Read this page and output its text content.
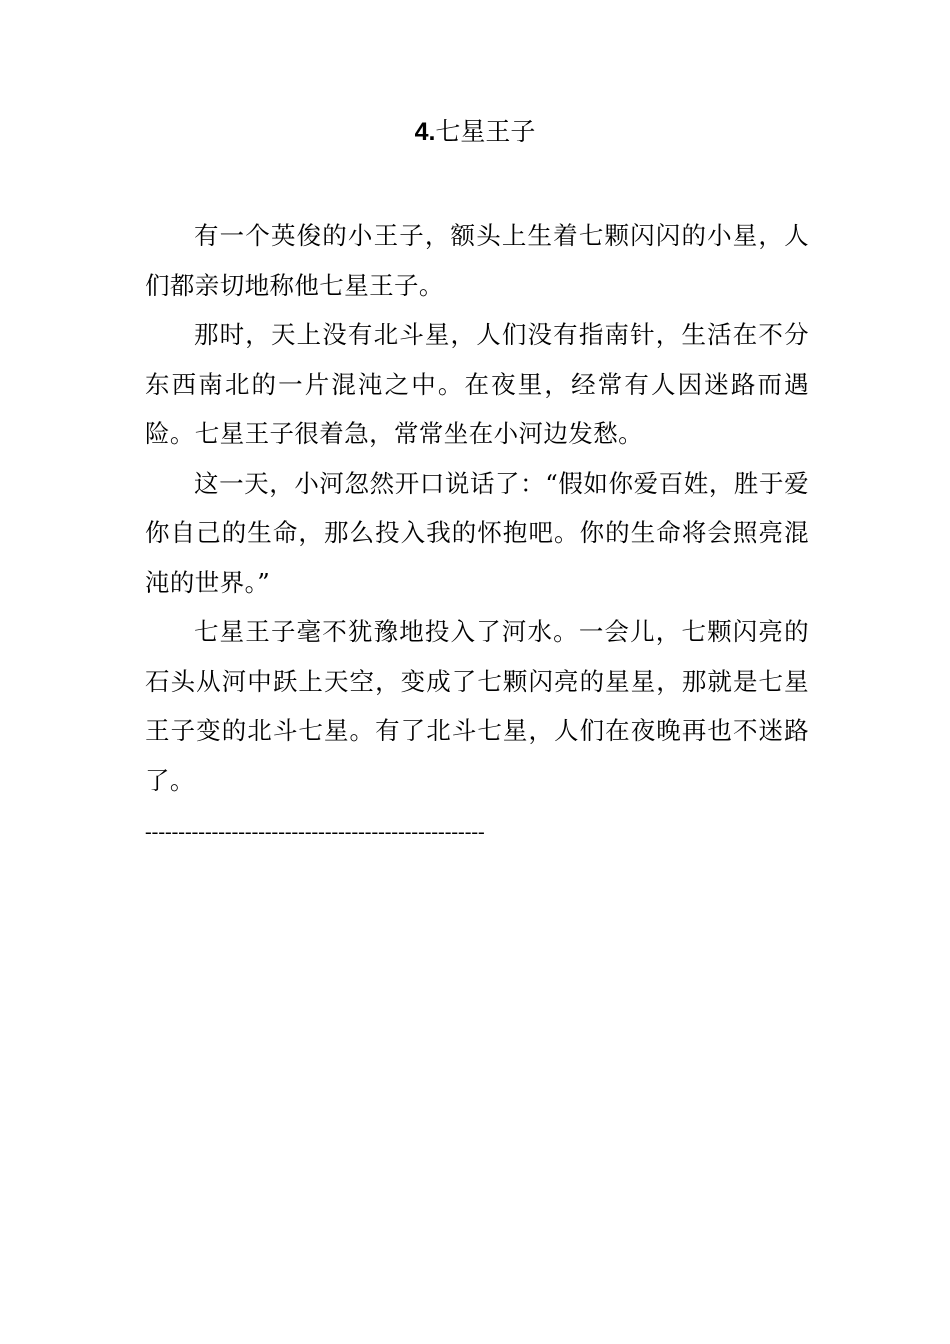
4.七星王子

有一个英俊的小王子，额头上生着七颗闪闪的小星，人们都亲切地称他七星王子。

那时，天上没有北斗星，人们没有指南针，生活在不分东西南北的一片混沌之中。在夜里，经常有人因迷路而遇险。七星王子很着急，常常坐在小河边发愁。

这一天，小河忽然开口说话了：“假如你爱百姓，胜于爱你自己的生命，那么投入我的怀抱吧。你的生命将会照亮混沌的世界。”

七星王子毫不犹豫地投入了河水。一会儿，七颗闪亮的石头从河中跃上天空，变成了七颗闪亮的星星，那就是七星王子变的北斗七星。有了北斗七星，人们在夜晚再也不迷路了。

---------------------------------------------------
